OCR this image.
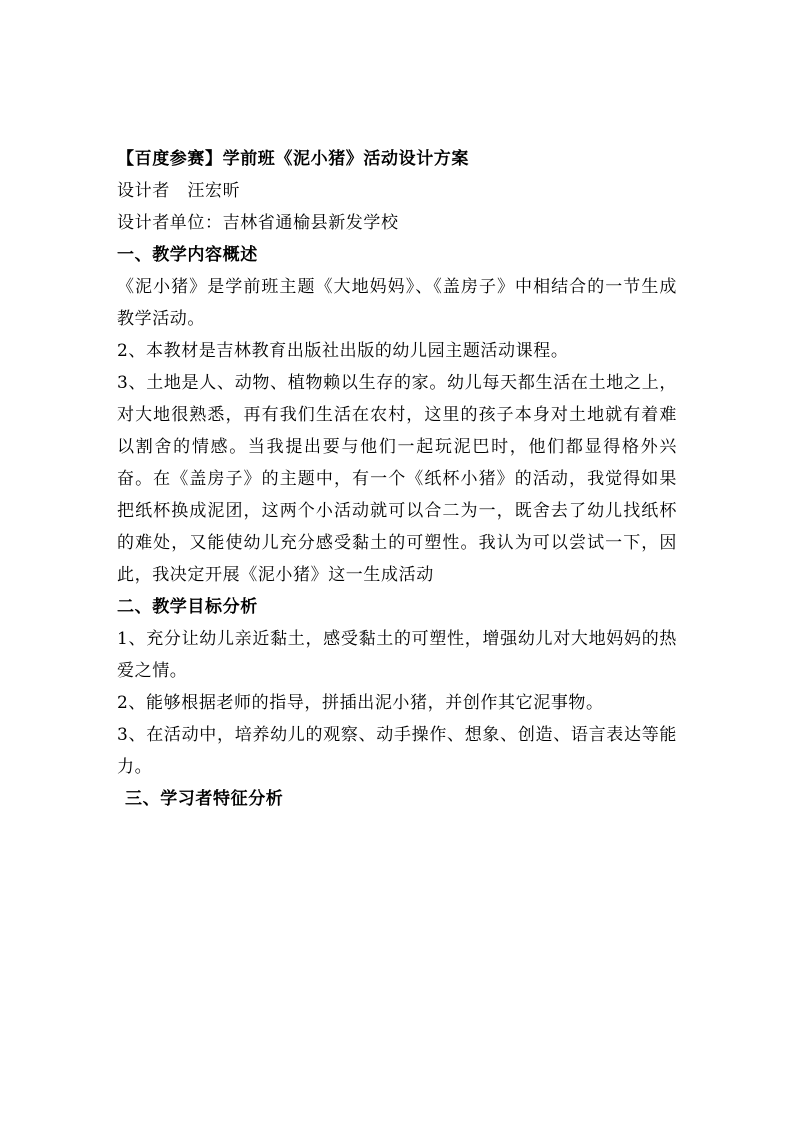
【百度参赛】学前班《泥小猪》活动设计方案

设计者　汪宏昕

设计者单位：吉林省通榆县新发学校

一、教学内容概述

《泥小猪》是学前班主题《大地妈妈》、《盖房子》中相结合的一节生成教学活动。

2、本教材是吉林教育出版社出版的幼儿园主题活动课程。

3、土地是人、动物、植物赖以生存的家。幼儿每天都生活在土地之上，对大地很熟悉，再有我们生活在农村，这里的孩子本身对土地就有着难以割舍的情感。当我提出要与他们一起玩泥巴时，他们都显得格外兴奋。在《盖房子》的主题中，有一个《纸杯小猪》的活动，我觉得如果把纸杯换成泥团，这两个小活动就可以合二为一，既舍去了幼儿找纸杯的难处，又能使幼儿充分感受黏土的可塑性。我认为可以尝试一下，因此，我决定开展《泥小猪》这一生成活动

二、教学目标分析

1、充分让幼儿亲近黏土，感受黏土的可塑性，增强幼儿对大地妈妈的热爱之情。

2、能够根据老师的指导，拼插出泥小猪，并创作其它泥事物。

3、在活动中，培养幼儿的观察、动手操作、想象、创造、语言表达等能力。

三、学习者特征分析
